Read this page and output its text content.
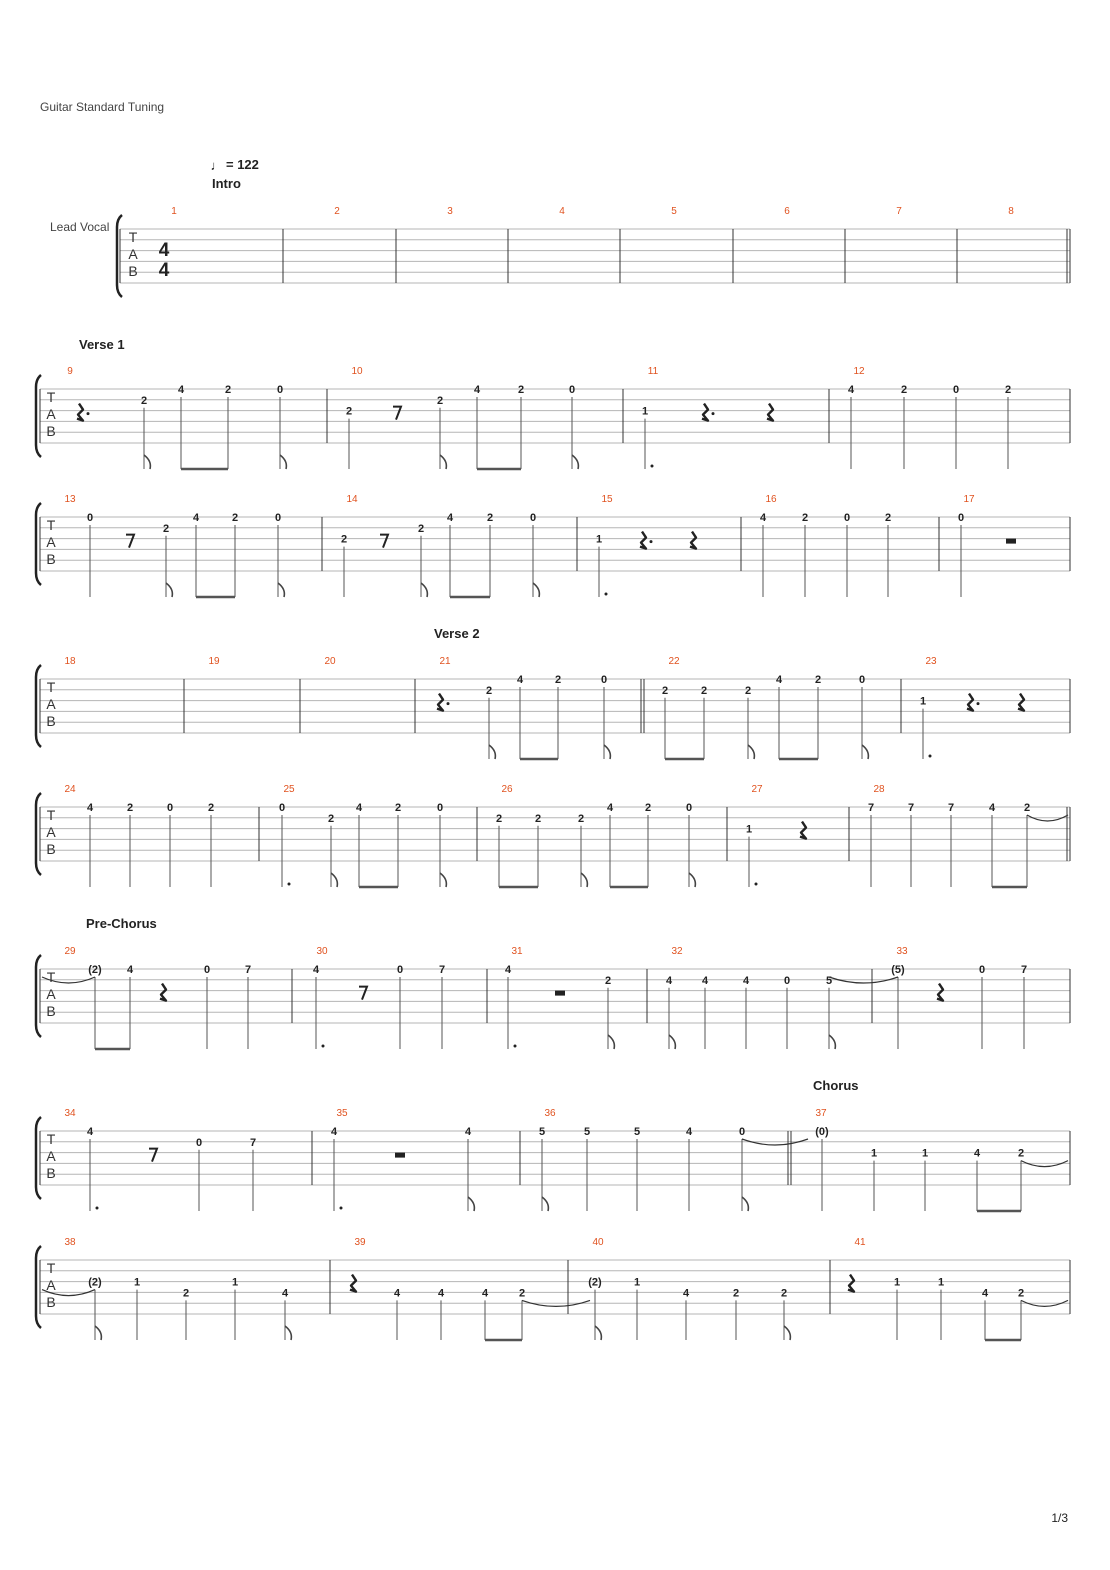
Guitar Standard Tuning
T
A
B
1	2	3	4	5	6	7	8
T
A
B
9	10	11	12
2
4	2	0
2
2
4	2	0
1
4	2	0	2
T
A
B
13	14	15	16	17
0
2
4	2	0
2
2
4	2	0
1
4	2	0	2	0
T
A
B
18	19	20	21	22	23
2
4	2	0
2	2	2
4	2	0
1
T
A
B
24	25	26	27	28
4	2	0	2	0
2
4	2	0
2	2	2
4	2	0
1
7	7	7	4	2
T
A
B
29	30	31	32	33
(2) 4	0	7	4	0	7	4
2	4	4	4	0	5
(5)	0	7
T
A
B
34	35	36	37
4
0	7
4	4	5	5	5	4	0	(0)
1	1	4	2
T
A
B
38	39	40	41
(2)	1
2
1
4	4	4	4	2
(2)	1
4	2	2
1	1
4	2
Intro
Verse 1
Verse 2
Pre-Chorus
Chorus
♩ = 122
Lead Vocal
4
4
1/3
